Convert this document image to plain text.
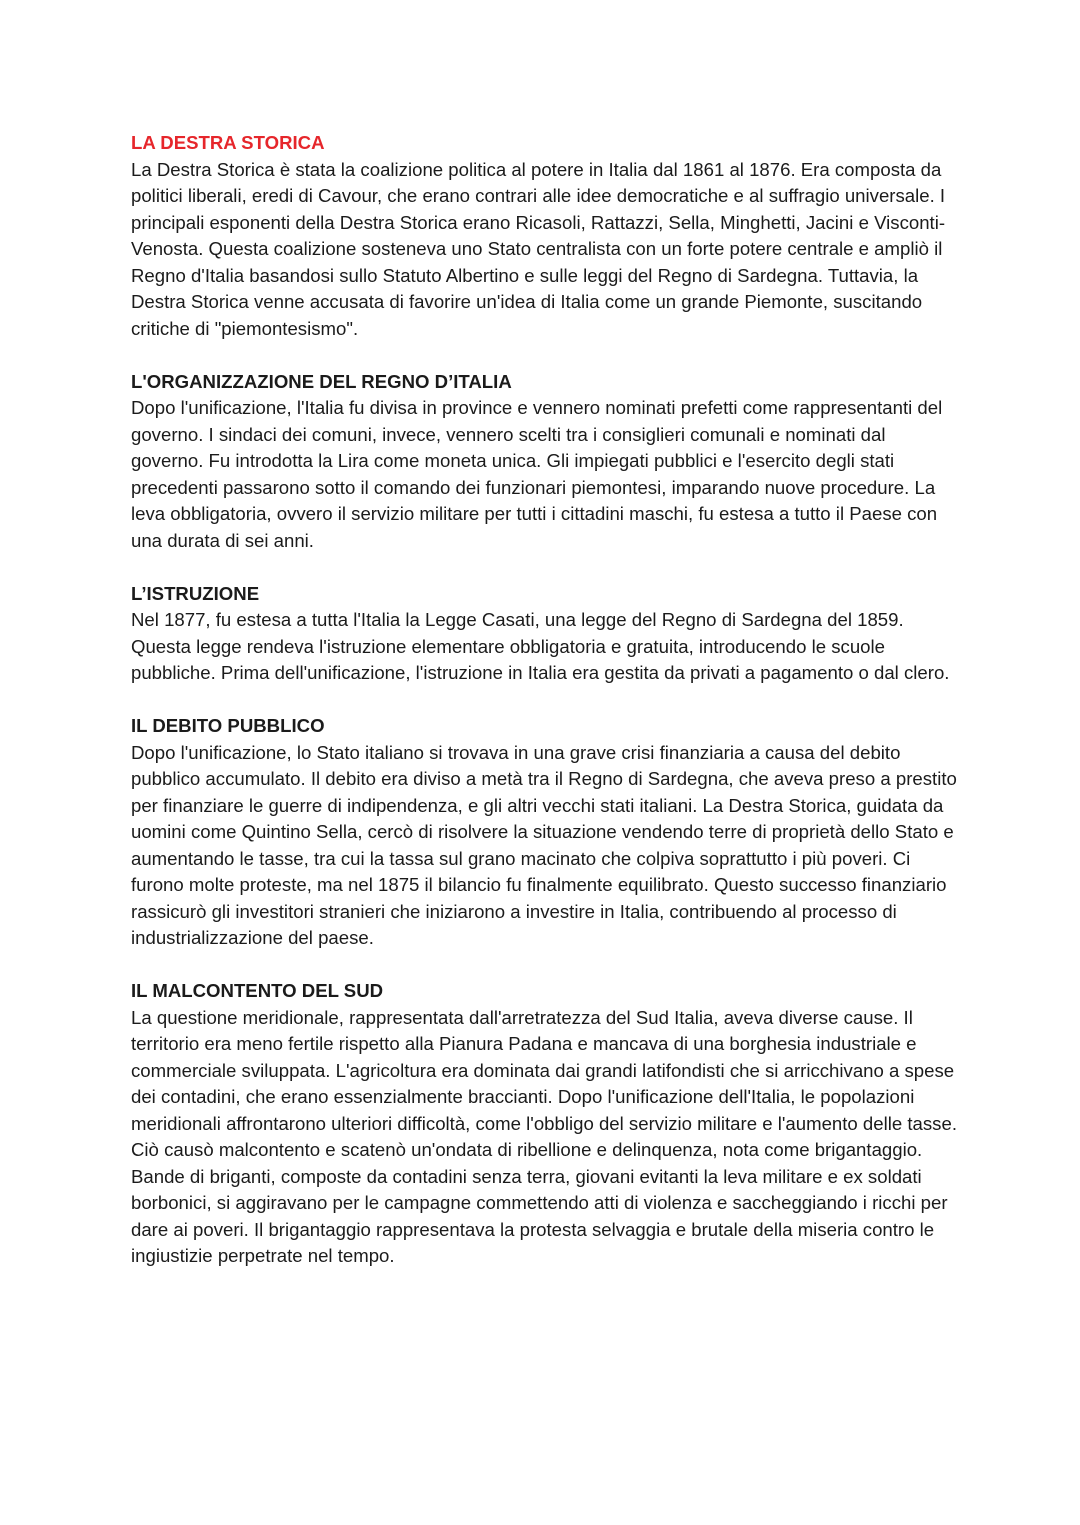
LA DESTRA STORICA

La Destra Storica è stata la coalizione politica al potere in Italia dal 1861 al 1876. Era composta da politici liberali, eredi di Cavour, che erano contrari alle idee democratiche e al suffragio universale. I principali esponenti della Destra Storica erano Ricasoli, Rattazzi, Sella, Minghetti, Jacini e Visconti-Venosta. Questa coalizione sosteneva uno Stato centralista con un forte potere centrale e ampliò il Regno d'Italia basandosi sullo Statuto Albertino e sulle leggi del Regno di Sardegna. Tuttavia, la Destra Storica venne accusata di favorire un'idea di Italia come un grande Piemonte, suscitando critiche di "piemontesismo".

L'ORGANIZZAZIONE DEL REGNO D’ITALIA

Dopo l'unificazione, l'Italia fu divisa in province e vennero nominati prefetti come rappresentanti del governo. I sindaci dei comuni, invece, vennero scelti tra i consiglieri comunali e nominati dal governo. Fu introdotta la Lira come moneta unica. Gli impiegati pubblici e l'esercito degli stati precedenti passarono sotto il comando dei funzionari piemontesi, imparando nuove procedure. La leva obbligatoria, ovvero il servizio militare per tutti i cittadini maschi, fu estesa a tutto il Paese con una durata di sei anni.

L’ISTRUZIONE

Nel 1877, fu estesa a tutta l'Italia la Legge Casati, una legge del Regno di Sardegna del 1859. Questa legge rendeva l'istruzione elementare obbligatoria e gratuita, introducendo le scuole pubbliche. Prima dell'unificazione, l'istruzione in Italia era gestita da privati a pagamento o dal clero.

IL DEBITO PUBBLICO

Dopo l'unificazione, lo Stato italiano si trovava in una grave crisi finanziaria a causa del debito pubblico accumulato. Il debito era diviso a metà tra il Regno di Sardegna, che aveva preso a prestito per finanziare le guerre di indipendenza, e gli altri vecchi stati italiani. La Destra Storica, guidata da uomini come Quintino Sella, cercò di risolvere la situazione vendendo terre di proprietà dello Stato e aumentando le tasse, tra cui la tassa sul grano macinato che colpiva soprattutto i più poveri. Ci furono molte proteste, ma nel 1875 il bilancio fu finalmente equilibrato. Questo successo finanziario rassicurò gli investitori stranieri che iniziarono a investire in Italia, contribuendo al processo di industrializzazione del paese.

IL MALCONTENTO DEL SUD

La questione meridionale, rappresentata dall'arretratezza del Sud Italia, aveva diverse cause. Il territorio era meno fertile rispetto alla Pianura Padana e mancava di una borghesia industriale e commerciale sviluppata. L'agricoltura era dominata dai grandi latifondisti che si arricchivano a spese dei contadini, che erano essenzialmente braccianti. Dopo l'unificazione dell'Italia, le popolazioni meridionali affrontarono ulteriori difficoltà, come l'obbligo del servizio militare e l'aumento delle tasse. Ciò causò malcontento e scatenò un'ondata di ribellione e delinquenza, nota come brigantaggio. Bande di briganti, composte da contadini senza terra, giovani evitanti la leva militare e ex soldati borbonici, si aggiravano per le campagne commettendo atti di violenza e saccheggiando i ricchi per dare ai poveri. Il brigantaggio rappresentava la protesta selvaggia e brutale della miseria contro le ingiustizie perpetrate nel tempo.
